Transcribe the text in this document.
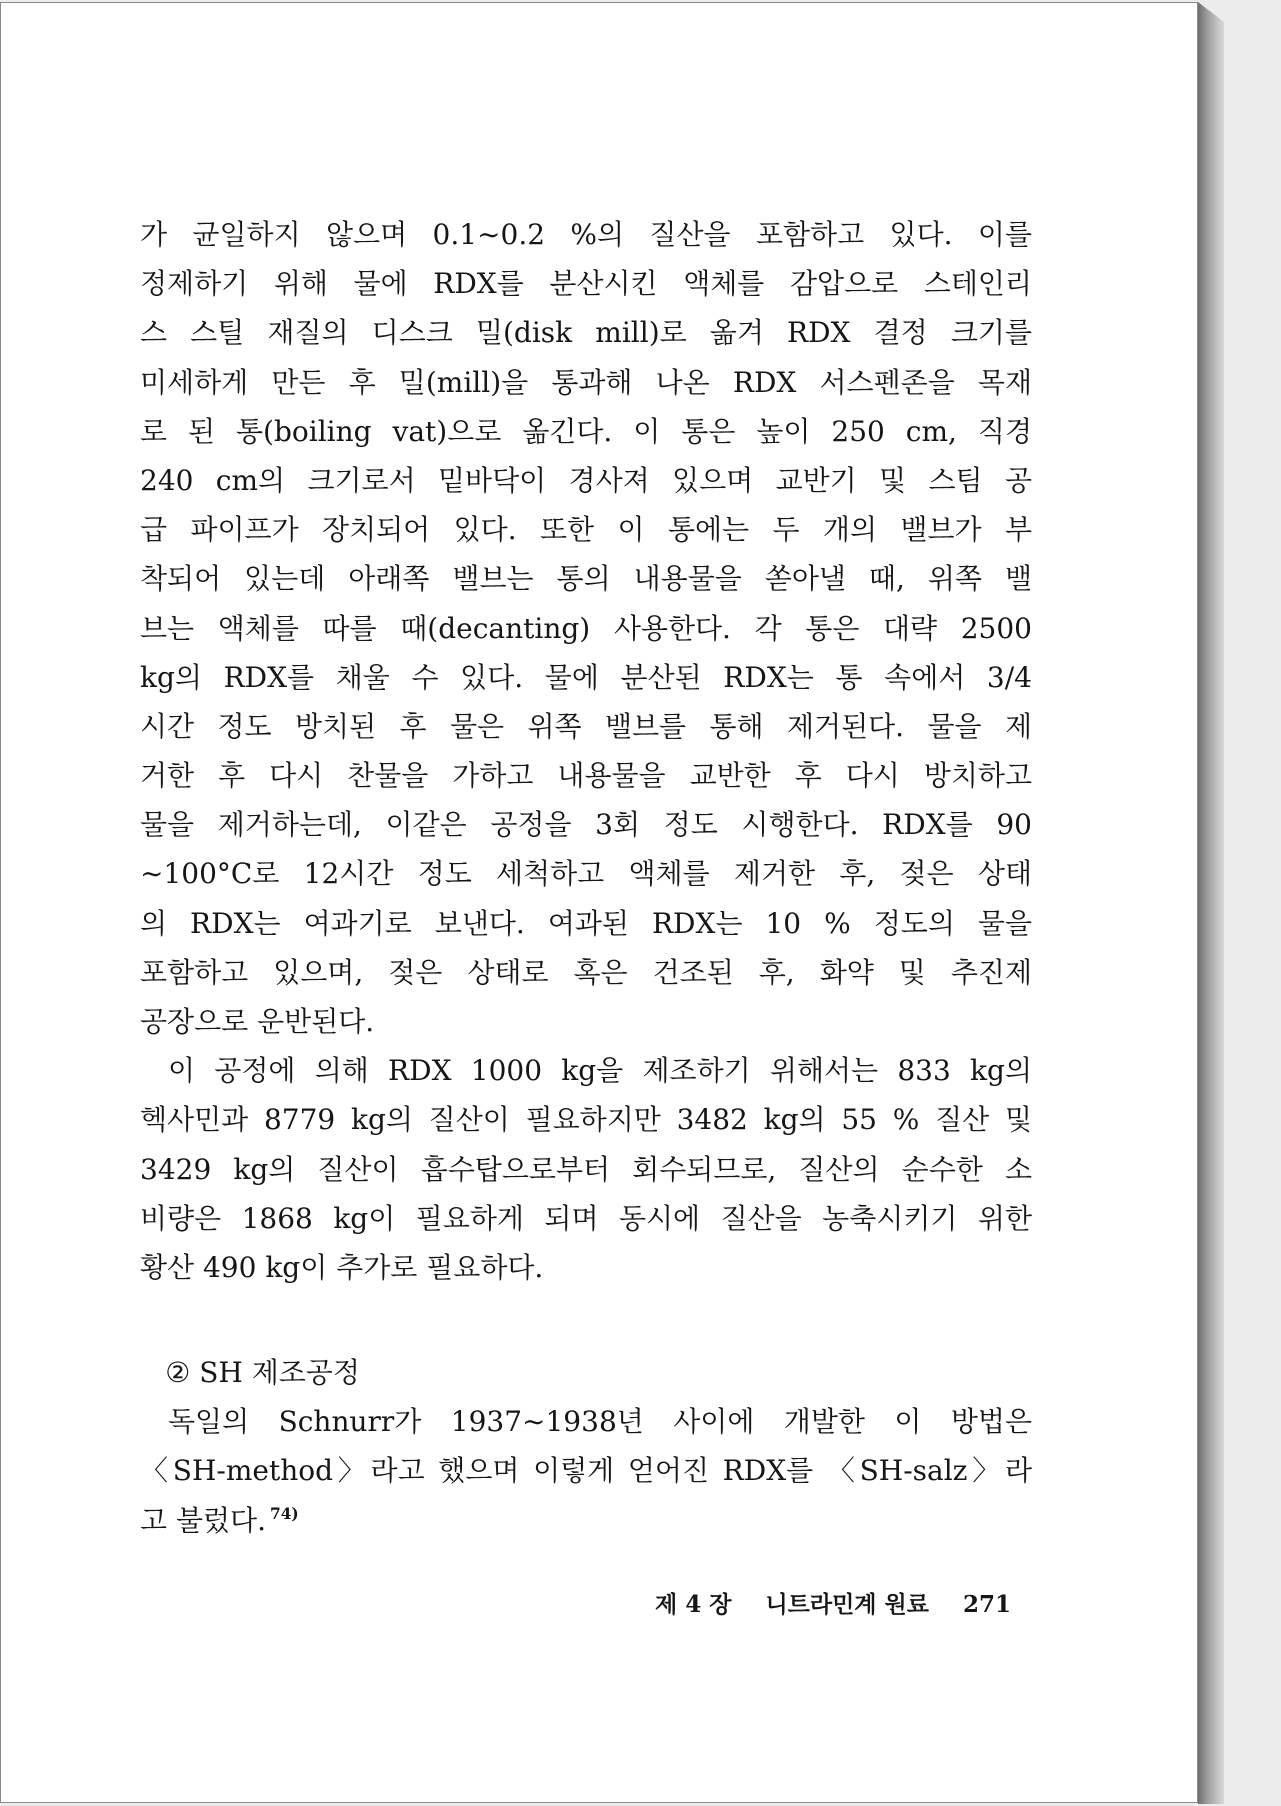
가 균일하지 않으며 0.1∼0.2 %의 질산을 포함하고 있다. 이를
정제하기 위해 물에 RDX를 분산시킨 액체를 감압으로 스테인리
스 스틸 재질의 디스크 밀(disk mill)로 옮겨 RDX 결정 크기를
미세하게 만든 후 밀(mill)을 통과해 나온 RDX 서스펜존을 목재
로 된 통(boiling vat)으로 옮긴다. 이 통은 높이 250 cm, 직경
240 cm의 크기로서 밑바닥이 경사져 있으며 교반기 및 스팀 공
급 파이프가 장치되어 있다. 또한 이 통에는 두 개의 밸브가 부
착되어 있는데 아래쪽 밸브는 통의 내용물을 쏟아낼 때, 위쪽 밸
브는 액체를 따를 때(decanting) 사용한다. 각 통은 대략 2500
kg의 RDX를 채울 수 있다. 물에 분산된 RDX는 통 속에서 3/4
시간 정도 방치된 후 물은 위쪽 밸브를 통해 제거된다. 물을 제
거한 후 다시 찬물을 가하고 내용물을 교반한 후 다시 방치하고
물을 제거하는데, 이같은 공정을 3회 정도 시행한다. RDX를 90
∼100°C로 12시간 정도 세척하고 액체를 제거한 후, 젖은 상태
의 RDX는 여과기로 보낸다. 여과된 RDX는 10 % 정도의 물을
포함하고 있으며, 젖은 상태로 혹은 건조된 후, 화약 및 추진제
공장으로 운반된다.
이 공정에 의해 RDX 1000 kg을 제조하기 위해서는 833 kg의
헥사민과 8779 kg의 질산이 필요하지만 3482 kg의 55 % 질산 및
3429 kg의 질산이 흡수탑으로부터 회수되므로, 질산의 순수한 소
비량은 1868 kg이 필요하게 되며 동시에 질산을 농축시키기 위한
황산 490 kg이 추가로 필요하다.
② SH 제조공정
독일의 Schnurr가 1937∼1938년 사이에 개발한 이 방법은
〈SH-method〉라고 했으며 이렇게 얻어진 RDX를 〈SH-salz〉라
고 불렀다. $^{74)}$
제 4 장 니트라민계 원료 271
